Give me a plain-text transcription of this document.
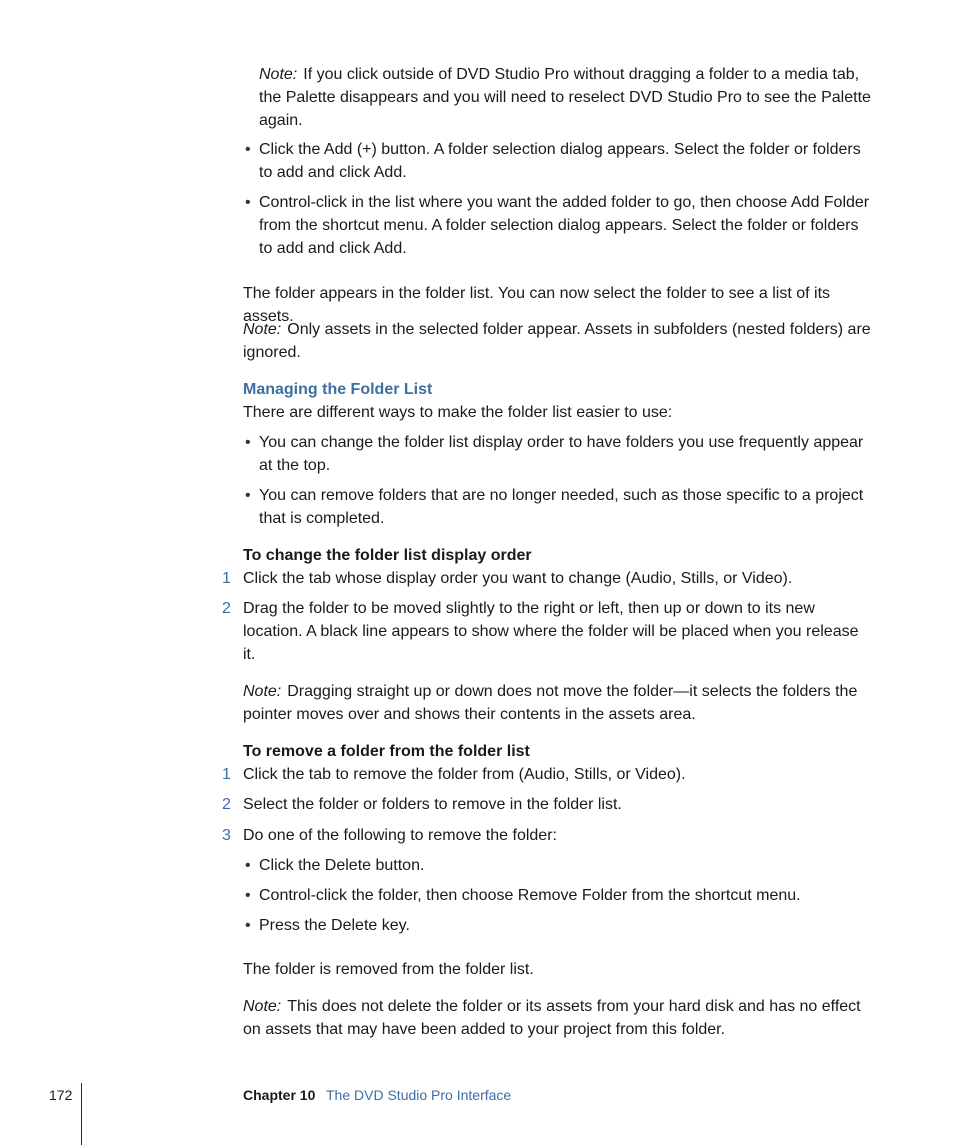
Note: If you click outside of DVD Studio Pro without dragging a folder to a media tab, the Palette disappears and you will need to reselect DVD Studio Pro to see the Palette again.

• Click the Add (+) button. A folder selection dialog appears. Select the folder or folders to add and click Add.

• Control-click in the list where you want the added folder to go, then choose Add Folder from the shortcut menu. A folder selection dialog appears. Select the folder or folders to add and click Add.

The folder appears in the folder list. You can now select the folder to see a list of its assets.

Note: Only assets in the selected folder appear. Assets in subfolders (nested folders) are ignored.

Managing the Folder List

There are different ways to make the folder list easier to use:

• You can change the folder list display order to have folders you use frequently appear at the top.

• You can remove folders that are no longer needed, such as those specific to a project that is completed.

To change the folder list display order
1 Click the tab whose display order you want to change (Audio, Stills, or Video).

2 Drag the folder to be moved slightly to the right or left, then up or down to its new location. A black line appears to show where the folder will be placed when you release it.

Note: Dragging straight up or down does not move the folder—it selects the folders the pointer moves over and shows their contents in the assets area.

To remove a folder from the folder list
1 Click the tab to remove the folder from (Audio, Stills, or Video).

2 Select the folder or folders to remove in the folder list.

3 Do one of the following to remove the folder:

• Click the Delete button.

• Control-click the folder, then choose Remove Folder from the shortcut menu.

• Press the Delete key.

The folder is removed from the folder list.

Note: This does not delete the folder or its assets from your hard disk and has no effect on assets that may have been added to your project from this folder.

172	Chapter 10 The DVD Studio Pro Interface
